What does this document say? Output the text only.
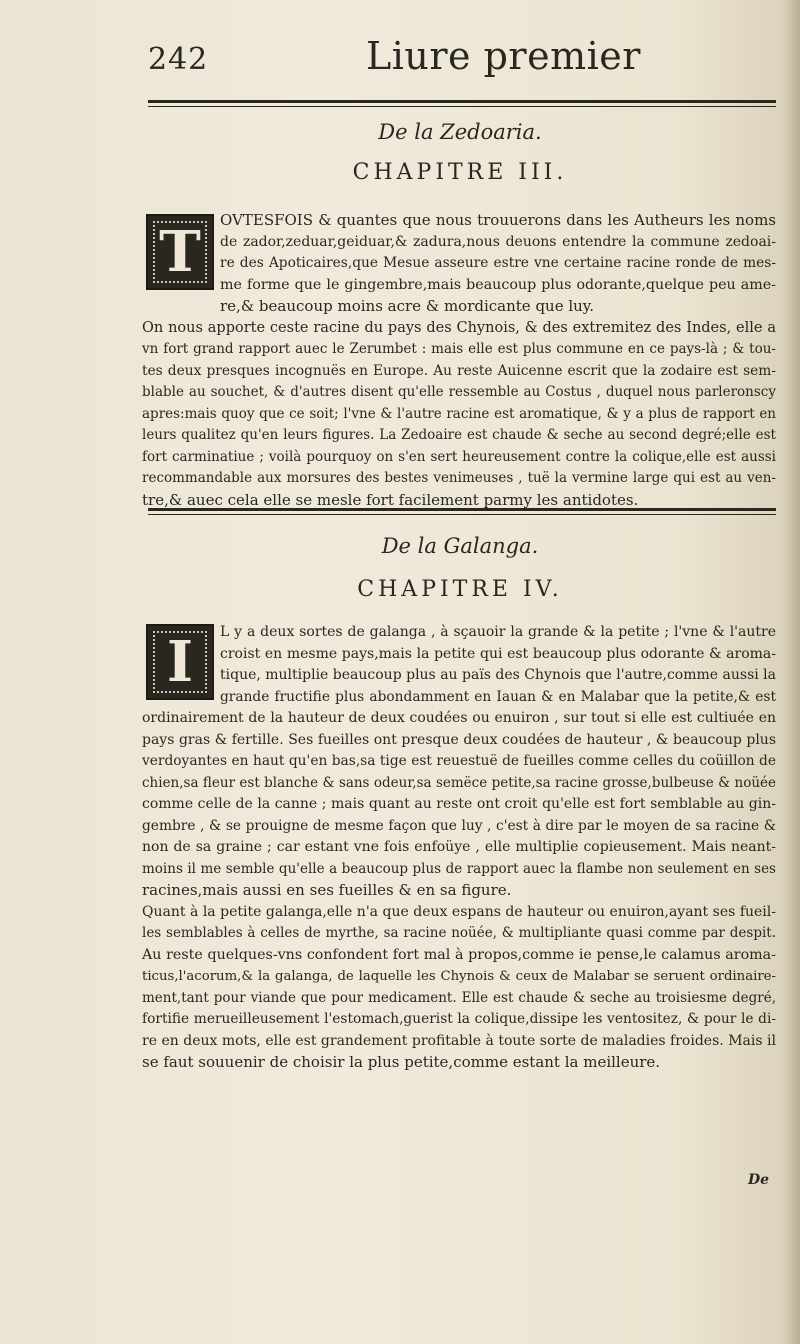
242	Liure premier
De la Zedoaria.
CHAPITRE III.
T	OVTESFOIS & quantes que nous trouuerons dans les Autheurs les noms
de zador,zeduar,geiduar,& zadura,nous deuons entendre la commune zedoai-
re des Apoticaires,que Mesue asseure estre vne certaine racine ronde de mes-
me forme que le gingembre,mais beaucoup plus odorante,quelque peu ame-
re,& beaucoup moins acre & mordicante que luy.
On nous apporte ceste racine du pays des Chynois, & des extremitez des Indes, elle a
vn fort grand rapport auec le Zerumbet : mais elle est plus commune en ce pays-là ; & tou-
tes deux presques incognuës en Europe. Au reste Auicenne escrit que la zodaire est sem-
blable au souchet, & d'autres disent qu'elle ressemble au Costus , duquel nous parleronscy
apres:mais quoy que ce soit; l'vne & l'autre racine est aromatique, & y a plus de rapport en
leurs qualitez qu'en leurs figures. La Zedoaire est chaude & seche au second degré;elle est
fort carminatiue ; voilà pourquoy on s'en sert heureusement contre la colique,elle est aussi
recommandable aux morsures des bestes venimeuses , tuë la vermine large qui est au ven-
tre,& auec cela elle se mesle fort facilement parmy les antidotes.
De la Galanga.
CHAPITRE IV.
I	L y a deux sortes de galanga , à sçauoir la grande & la petite ; l'vne & l'autre
croist en mesme pays,mais la petite qui est beaucoup plus odorante & aroma-
tique, multiplie beaucoup plus au païs des Chynois que l'autre,comme aussi la
grande fructifie plus abondamment en Iauan & en Malabar que la petite,& est
ordinairement de la hauteur de deux coudées ou enuiron , sur tout si elle est cultiuée en
pays gras & fertille. Ses fueilles ont presque deux coudées de hauteur , & beaucoup plus
verdoyantes en haut qu'en bas,sa tige est reuestuë de fueilles comme celles du coüillon de
chien,sa fleur est blanche & sans odeur,sa semëce petite,sa racine grosse,bulbeuse & noüée
comme celle de la canne ; mais quant au reste ont croit qu'elle est fort semblable au gin-
gembre , & se prouigne de mesme façon que luy , c'est à dire par le moyen de sa racine &
non de sa graine ; car estant vne fois enfoüye , elle multiplie copieusement. Mais neant-
moins il me semble qu'elle a beaucoup plus de rapport auec la flambe non seulement en ses
racines,mais aussi en ses fueilles & en sa figure.
Quant à la petite galanga,elle n'a que deux espans de hauteur ou enuiron,ayant ses fueil-
les semblables à celles de myrthe, sa racine noüée, & multipliante quasi comme par despit.
Au reste quelques-vns confondent fort mal à propos,comme ie pense,le calamus aroma-
ticus,l'acorum,& la galanga, de laquelle les Chynois & ceux de Malabar se seruent ordinaire-
ment,tant pour viande que pour medicament. Elle est chaude & seche au troisiesme degré,
fortifie merueilleusement l'estomach,guerist la colique,dissipe les ventositez, & pour le di-
re en deux mots, elle est grandement profitable à toute sorte de maladies froides. Mais il
se faut souuenir de choisir la plus petite,comme estant la meilleure.
De
